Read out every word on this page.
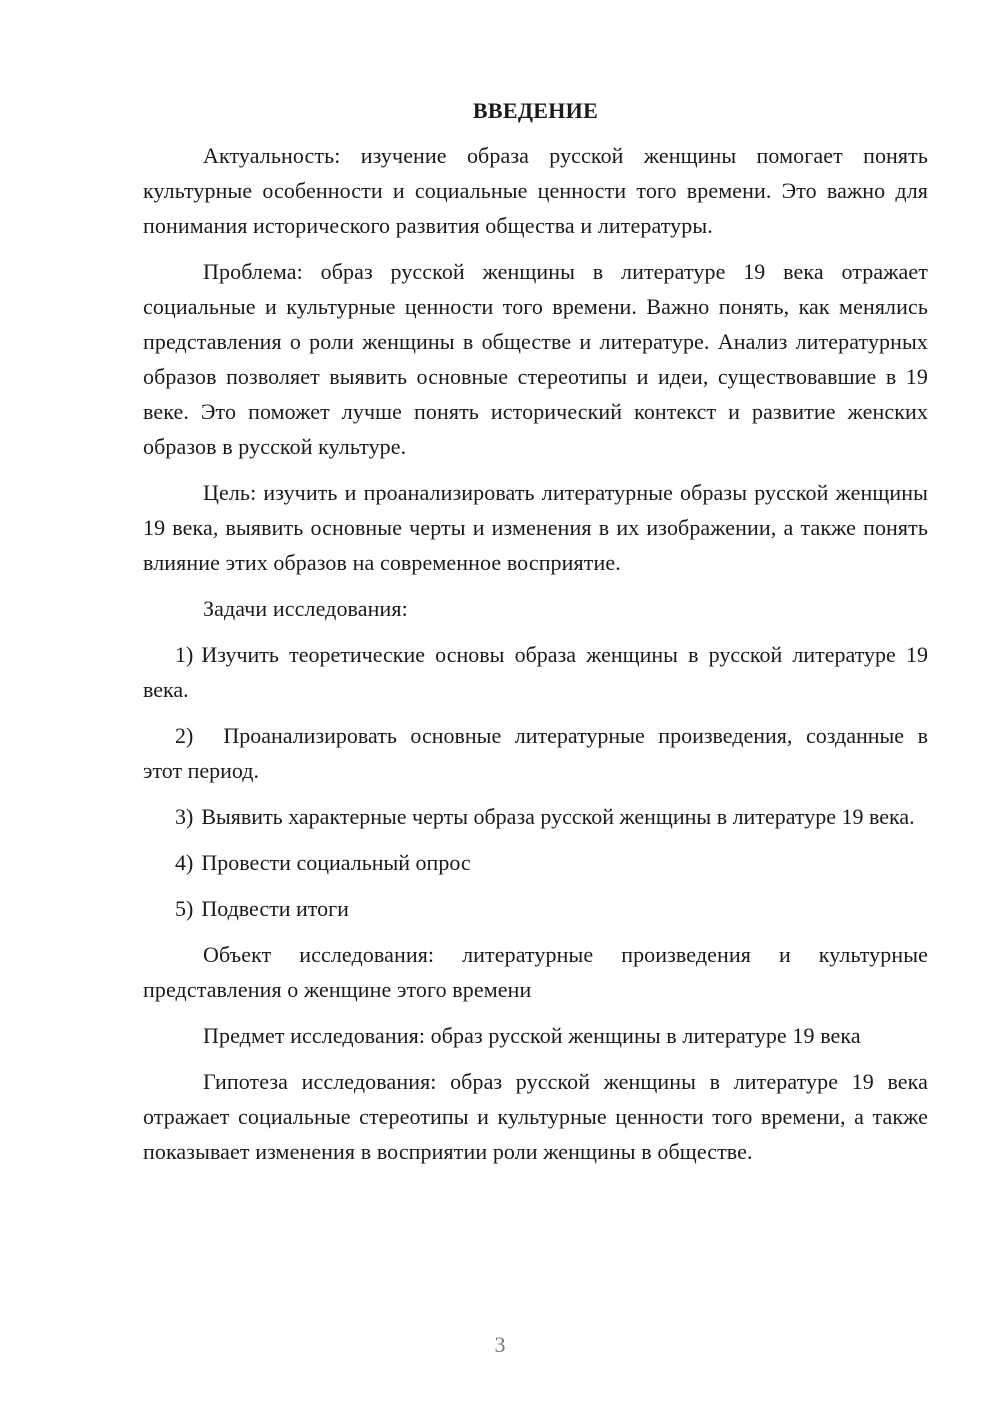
ВВЕДЕНИЕ

Актуальность: изучение образа русской женщины помогает понять культурные особенности и социальные ценности того времени. Это важно для понимания исторического развития общества и литературы.

Проблема: образ русской женщины в литературе 19 века отражает социальные и культурные ценности того времени. Важно понять, как менялись представления о роли женщины в обществе и литературе. Анализ литературных образов позволяет выявить основные стереотипы и идеи, существовавшие в 19 веке. Это поможет лучше понять исторический контекст и развитие женских образов в русской культуре.

Цель: изучить и проанализировать литературные образы русской женщины 19 века, выявить основные черты и изменения в их изображении, а также понять влияние этих образов на современное восприятие.

Задачи исследования:

1) Изучить теоретические основы образа женщины в русской литературе 19 века.

2) Проанализировать основные литературные произведения, созданные в этот период.

3) Выявить характерные черты образа русской женщины в литературе 19 века.

4) Провести социальный опрос

5) Подвести итоги

Объект исследования: литературные произведения и культурные представления о женщине этого времени

Предмет исследования: образ русской женщины в литературе 19 века

Гипотеза исследования: образ русской женщины в литературе 19 века отражает социальные стереотипы и культурные ценности того времени, а также показывает изменения в восприятии роли женщины в обществе.

3
